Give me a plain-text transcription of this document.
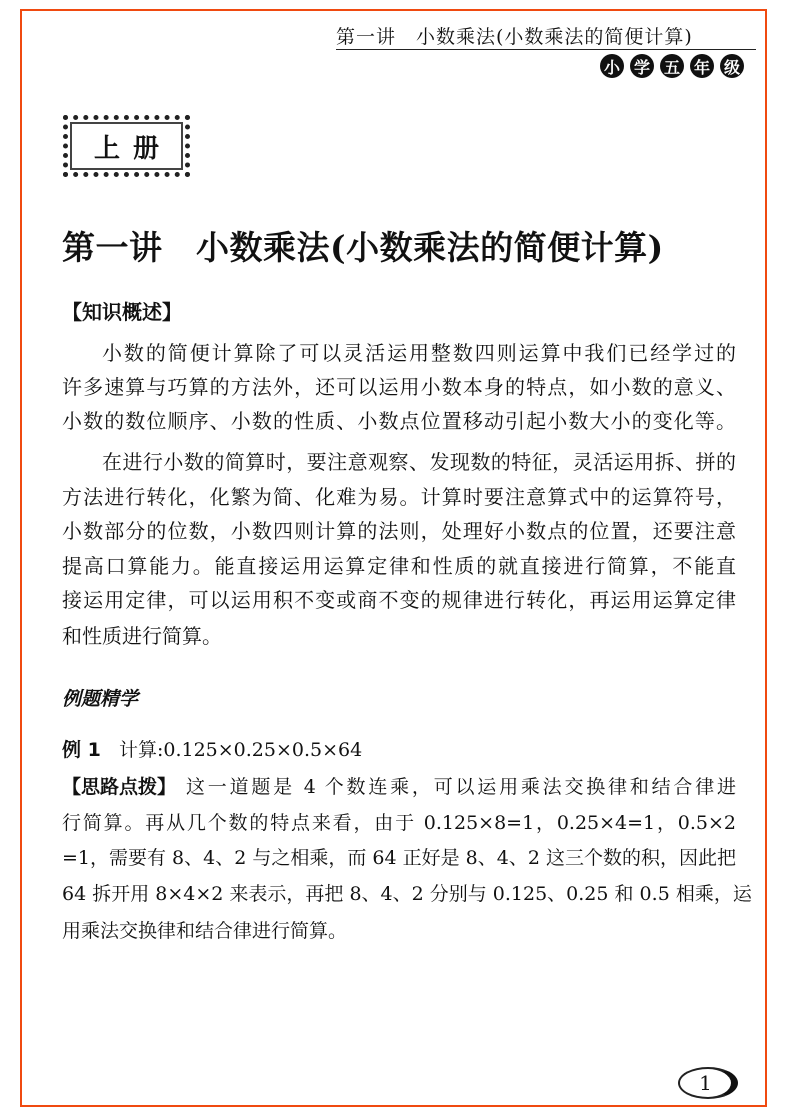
第一讲　小数乘法(小数乘法的简便计算)
小 学 五 年 级
上 册
第一讲　小数乘法(小数乘法的简便计算)
【知识概述】
小数的简便计算除了可以灵活运用整数四则运算中我们已经学过的
许多速算与巧算的方法外，还可以运用小数本身的特点，如小数的意义、
小数的数位顺序、小数的性质、小数点位置移动引起小数大小的变化等。
在进行小数的简算时，要注意观察、发现数的特征，灵活运用拆、拼的
方法进行转化，化繁为简、化难为易。计算时要注意算式中的运算符号，
小数部分的位数，小数四则计算的法则，处理好小数点的位置，还要注意
提高口算能力。能直接运用运算定律和性质的就直接进行简算，不能直
接运用定律，可以运用积不变或商不变的规律进行转化，再运用运算定律
和性质进行简算。
例题精学
例 1 计算:0.125×0.25×0.5×64
【思路点拨】 这一道题是 4 个数连乘，可以运用乘法交换律和结合律进
行简算。再从几个数的特点来看，由于 0.125×8=1，0.25×4=1，0.5×2
=1，需要有 8、4、2 与之相乘，而 64 正好是 8、4、2 这三个数的积，因此把
64 拆开用 8×4×2 来表示，再把 8、4、2 分别与 0.125、0.25 和 0.5 相乘，运
用乘法交换律和结合律进行简算。
1
